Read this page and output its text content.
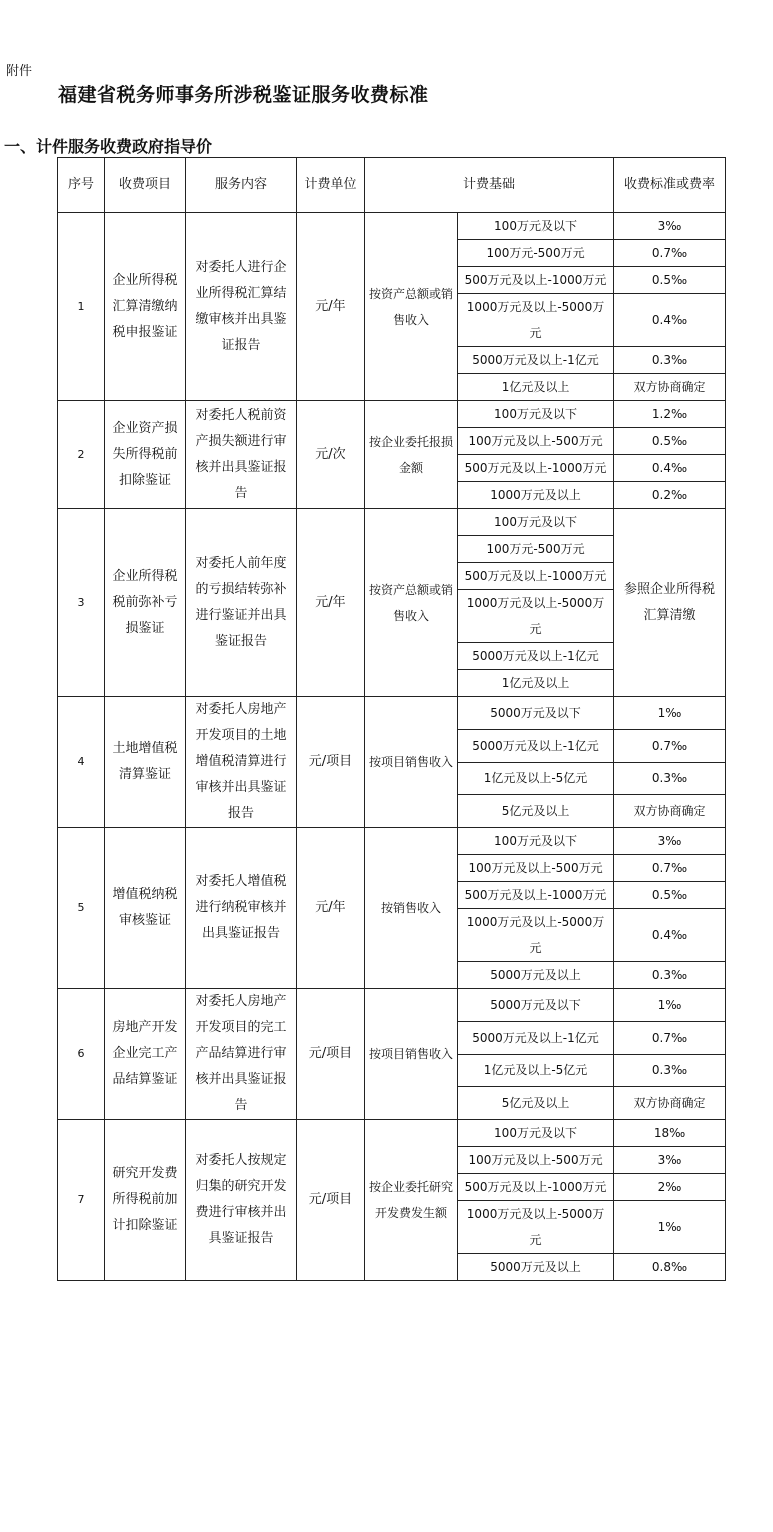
附件
福建省税务师事务所涉税鉴证服务收费标准
一、计件服务收费政府指导价
序号	收费项目	服务内容	计费单位	计费基础		收费标准或费率
1	企业所得税汇算清缴纳税申报鉴证	对委托人进行企业所得税汇算结缴审核并出具鉴证报告	元/年	按资产总额或销售收入	100万元及以下	3‰
					100万元-500万元	0.7‰
					500万元及以上-1000万元	0.5‰
					1000万元及以上-5000万元	0.4‰
					5000万元及以上-1亿元	0.3‰
					1亿元及以上	双方协商确定
2	企业资产损失所得税前扣除鉴证	对委托人税前资产损失额进行审核并出具鉴证报告	元/次	按企业委托报损金额	100万元及以下	1.2‰
					100万元及以上-500万元	0.5‰
					500万元及以上-1000万元	0.4‰
					1000万元及以上	0.2‰
3	企业所得税税前弥补亏损鉴证	对委托人前年度的亏损结转弥补进行鉴证并出具鉴证报告	元/年	按资产总额或销售收入	100万元及以下	参照企业所得税汇算清缴
					100万元-500万元	
					500万元及以上-1000万元	
					1000万元及以上-5000万元	
					5000万元及以上-1亿元	
					1亿元及以上	
4	土地增值税清算鉴证	对委托人房地产开发项目的土地增值税清算进行审核并出具鉴证报告	元/项目	按项目销售收入	5000万元及以下	1‰
					5000万元及以上-1亿元	0.7‰
					1亿元及以上-5亿元	0.3‰
					5亿元及以上	双方协商确定
5	增值税纳税审核鉴证	对委托人增值税进行纳税审核并出具鉴证报告	元/年	按销售收入	100万元及以下	3‰
					100万元及以上-500万元	0.7‰
					500万元及以上-1000万元	0.5‰
					1000万元及以上-5000万元	0.4‰
					5000万元及以上	0.3‰
6	房地产开发企业完工产品结算鉴证	对委托人房地产开发项目的完工产品结算进行审核并出具鉴证报告	元/项目	按项目销售收入	5000万元及以下	1‰
					5000万元及以上-1亿元	0.7‰
					1亿元及以上-5亿元	0.3‰
					5亿元及以上	双方协商确定
7	研究开发费所得税前加计扣除鉴证	对委托人按规定归集的研究开发费进行审核并出具鉴证报告	元/项目	按企业委托研究开发费发生额	100万元及以下	18‰
					100万元及以上-500万元	3‰
					500万元及以上-1000万元	2‰
					1000万元及以上-5000万元	1‰
					5000万元及以上	0.8‰
